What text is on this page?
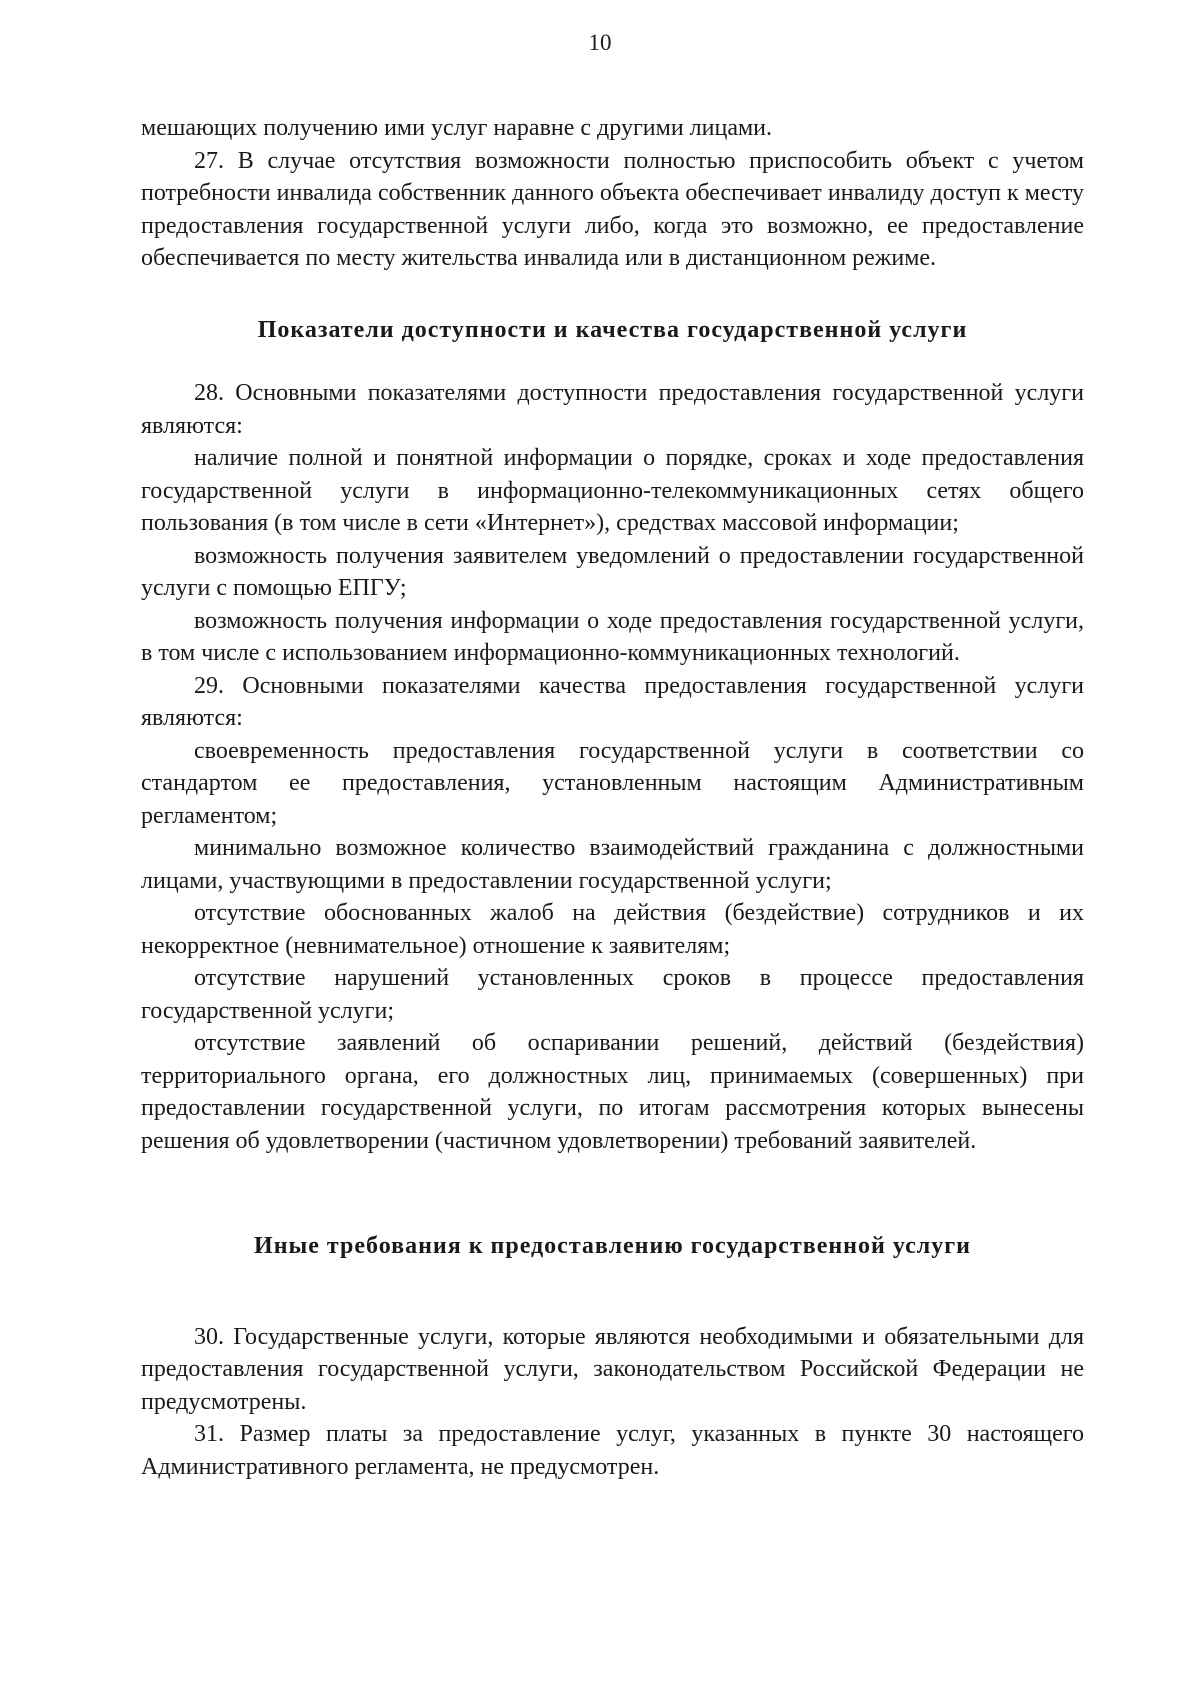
10

мешающих получению ими услуг наравне с другими лицами.

27. В случае отсутствия возможности полностью приспособить объект с учетом потребности инвалида собственник данного объекта обеспечивает инвалиду доступ к месту предоставления государственной услуги либо, когда это возможно, ее предоставление обеспечивается по месту жительства инвалида или в дистанционном режиме.

Показатели доступности и качества государственной услуги

28. Основными показателями доступности предоставления государственной услуги являются:

наличие полной и понятной информации о порядке, сроках и ходе предоставления государственной услуги в информационно-телекоммуникационных сетях общего пользования (в том числе в сети «Интернет»), средствах массовой информации;

возможность получения заявителем уведомлений о предоставлении государственной услуги с помощью ЕПГУ;

возможность получения информации о ходе предоставления государственной услуги, в том числе с использованием информационно-коммуникационных технологий.

29. Основными показателями качества предоставления государственной услуги являются:

своевременность предоставления государственной услуги в соответствии со стандартом ее предоставления, установленным настоящим Административным регламентом;

минимально возможное количество взаимодействий гражданина с должностными лицами, участвующими в предоставлении государственной услуги;

отсутствие обоснованных жалоб на действия (бездействие) сотрудников и их некорректное (невнимательное) отношение к заявителям;

отсутствие нарушений установленных сроков в процессе предоставления государственной услуги;

отсутствие заявлений об оспаривании решений, действий (бездействия) территориального органа, его должностных лиц, принимаемых (совершенных) при предоставлении государственной услуги, по итогам рассмотрения которых вынесены решения об удовлетворении (частичном удовлетворении) требований заявителей.

Иные требования к предоставлению государственной услуги

30. Государственные услуги, которые являются необходимыми и обязательными для предоставления государственной услуги, законодательством Российской Федерации не предусмотрены.

31. Размер платы за предоставление услуг, указанных в пункте 30 настоящего Административного регламента, не предусмотрен.
